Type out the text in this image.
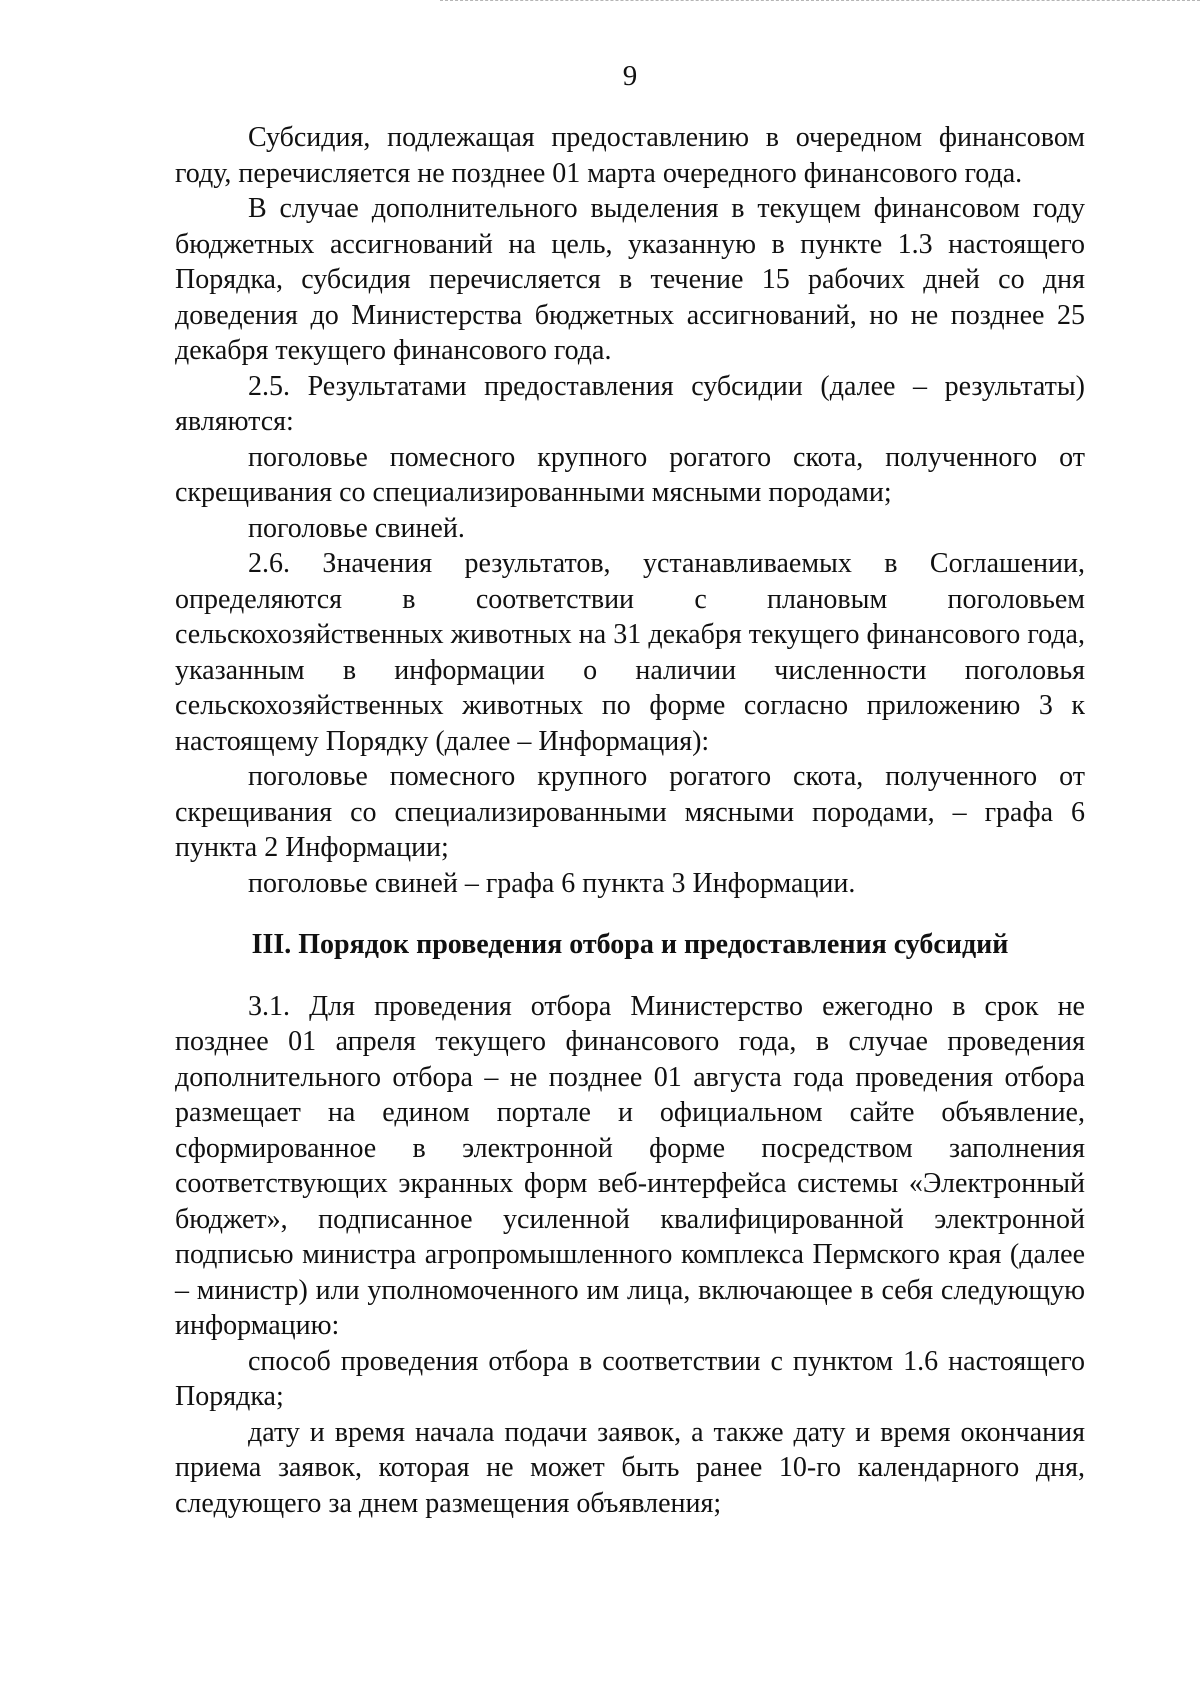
9

Субсидия, подлежащая предоставлению в очередном финансовом году, перечисляется не позднее 01 марта очередного финансового года.

В случае дополнительного выделения в текущем финансовом году бюджетных ассигнований на цель, указанную в пункте 1.3 настоящего Порядка, субсидия перечисляется в течение 15 рабочих дней со дня доведения до Министерства бюджетных ассигнований, но не позднее 25 декабря текущего финансового года.

2.5. Результатами предоставления субсидии (далее – результаты) являются:

поголовье помесного крупного рогатого скота, полученного от скрещивания со специализированными мясными породами;

поголовье свиней.

2.6. Значения результатов, устанавливаемых в Соглашении, определяются в соответствии с плановым поголовьем сельскохозяйственных животных на 31 декабря текущего финансового года, указанным в информации о наличии численности поголовья сельскохозяйственных животных по форме согласно приложению 3 к настоящему Порядку (далее – Информация):

поголовье помесного крупного рогатого скота, полученного от скрещивания со специализированными мясными породами, – графа 6 пункта 2 Информации;

поголовье свиней – графа 6 пункта 3 Информации.

III. Порядок проведения отбора и предоставления субсидий

3.1. Для проведения отбора Министерство ежегодно в срок не позднее 01 апреля текущего финансового года, в случае проведения дополнительного отбора – не позднее 01 августа года проведения отбора размещает на едином портале и официальном сайте объявление, сформированное в электронной форме посредством заполнения соответствующих экранных форм веб-интерфейса системы «Электронный бюджет», подписанное усиленной квалифицированной электронной подписью министра агропромышленного комплекса Пермского края (далее – министр) или уполномоченного им лица, включающее в себя следующую информацию:

способ проведения отбора в соответствии с пунктом 1.6 настоящего Порядка;

дату и время начала подачи заявок, а также дату и время окончания приема заявок, которая не может быть ранее 10-го календарного дня, следующего за днем размещения объявления;
